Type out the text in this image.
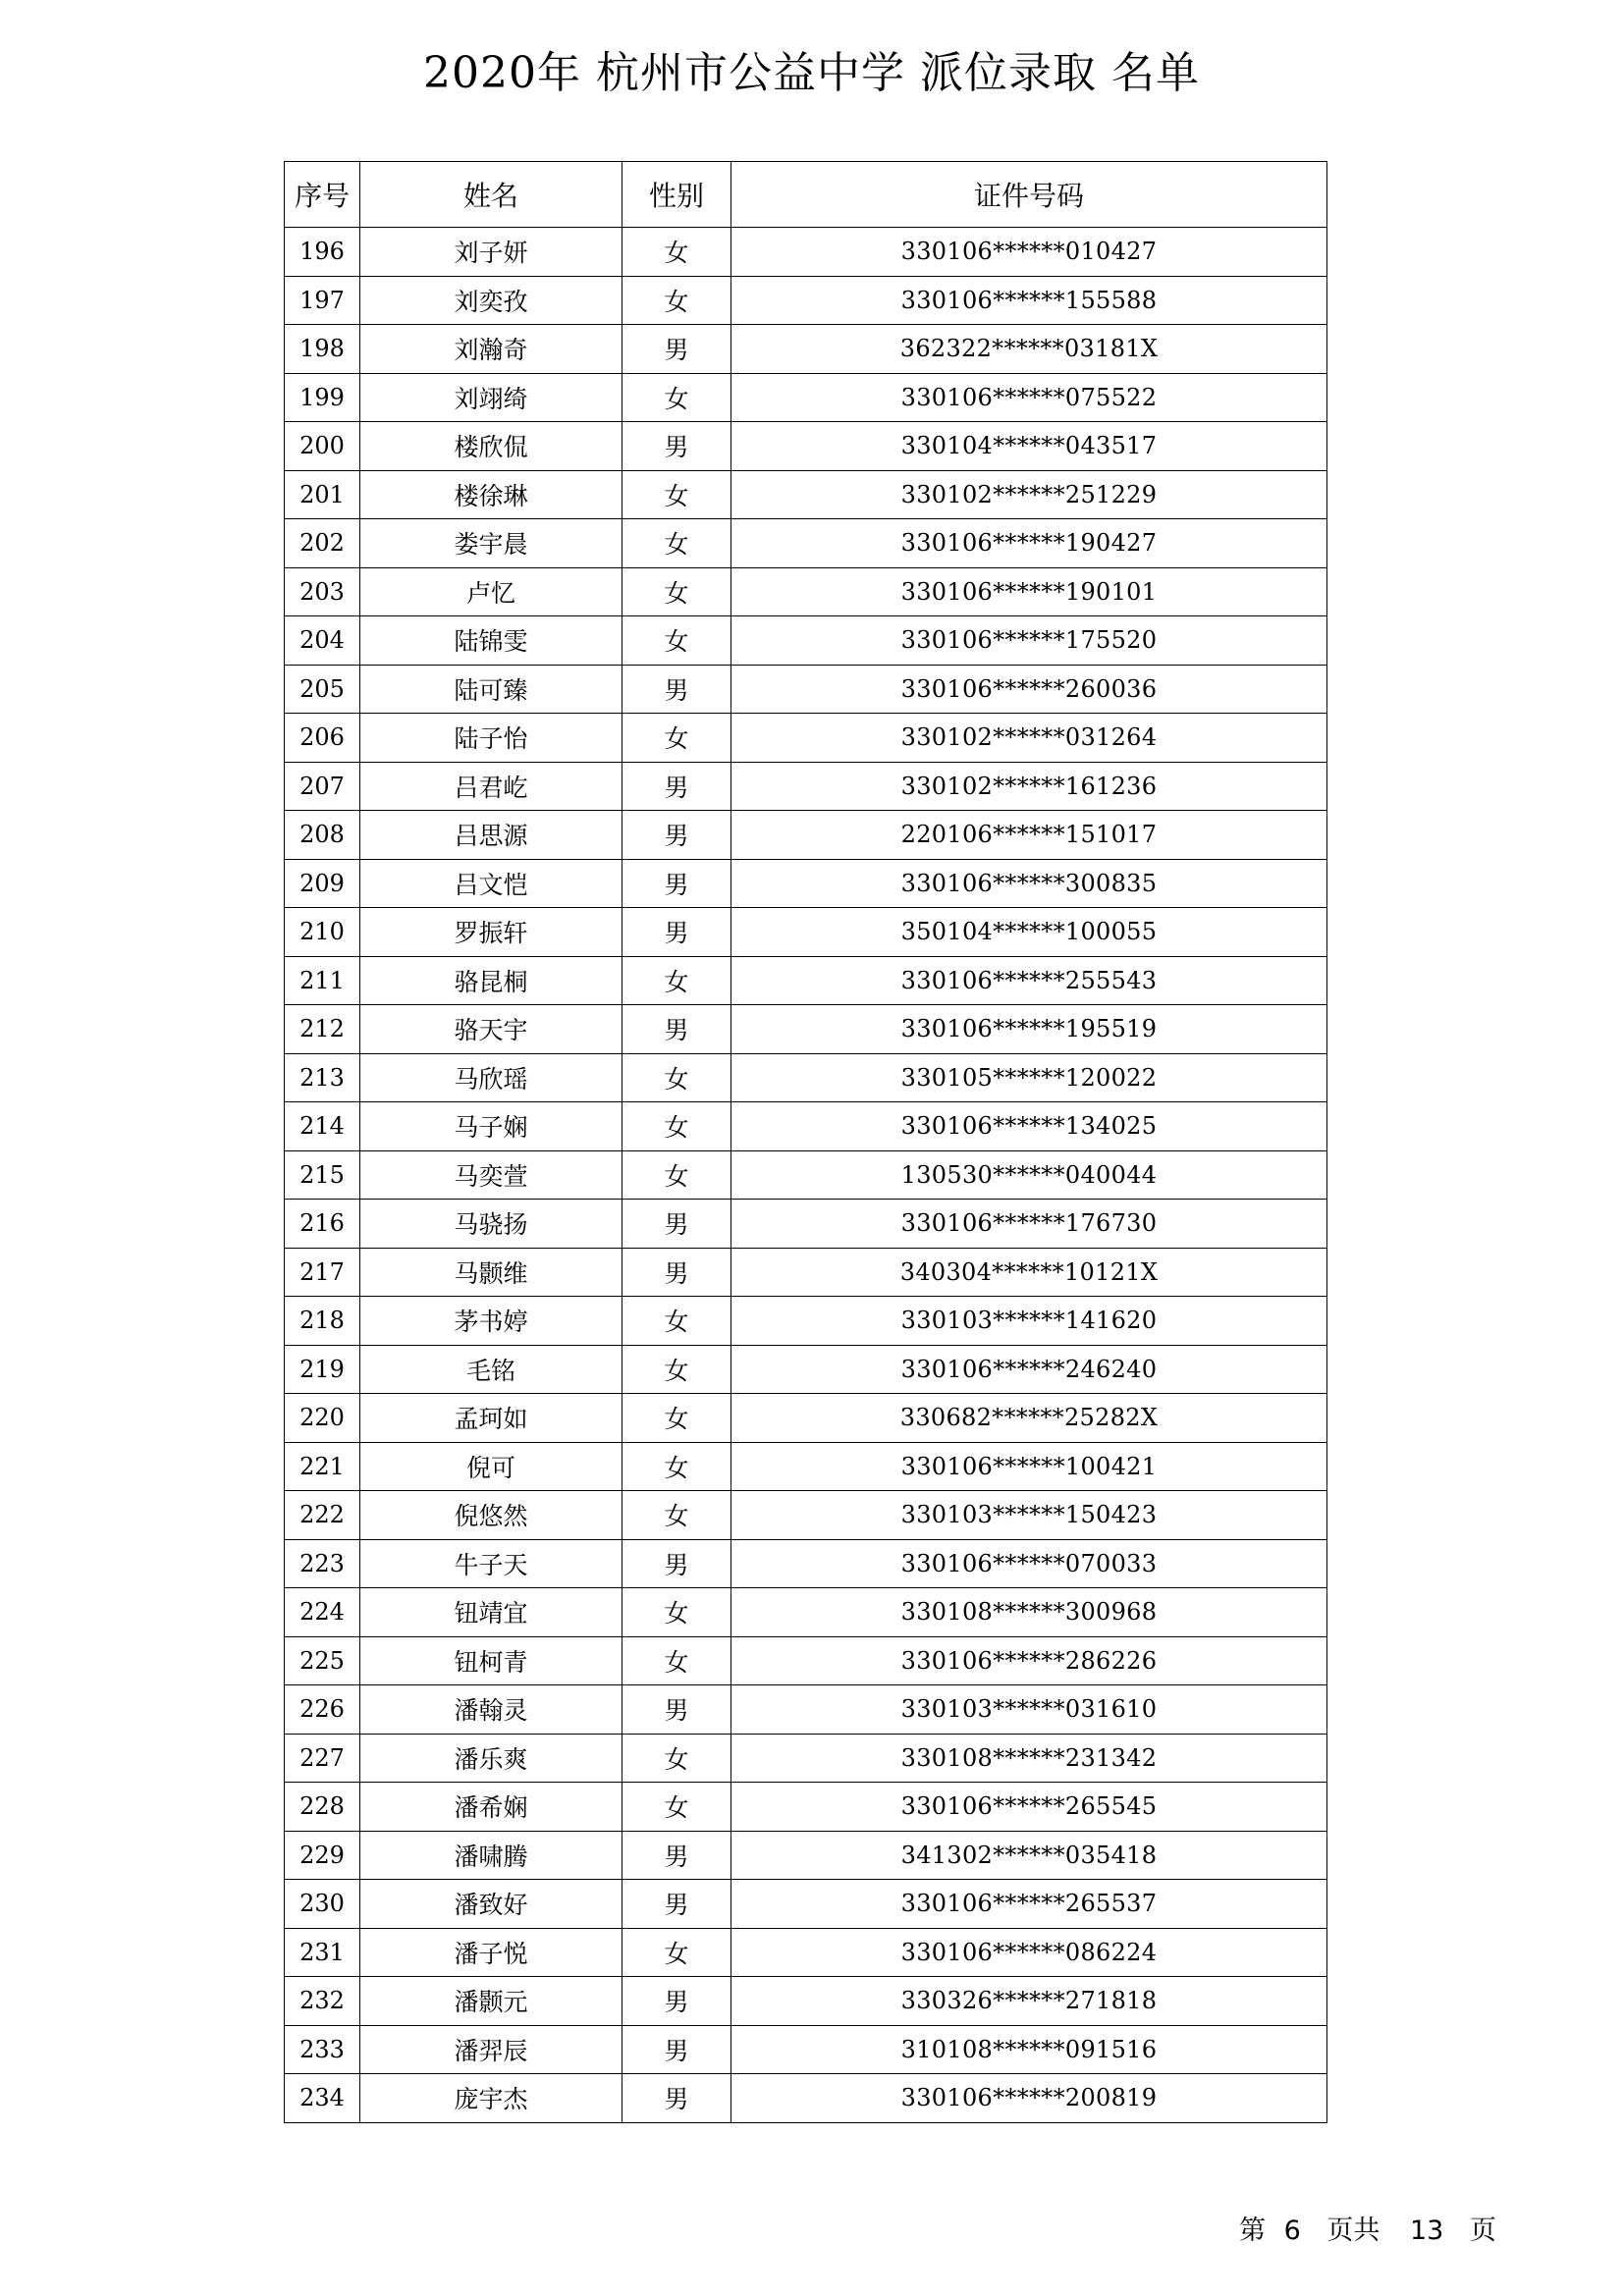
2020年 杭州市公益中学 派位录取 名单
序号	姓名	性别	证件号码
196	刘子妍	女	330106******010427
197	刘奕孜	女	330106******155588
198	刘瀚奇	男	362322******03181X
199	刘翊绮	女	330106******075522
200	楼欣侃	男	330104******043517
201	楼徐琳	女	330102******251229
202	娄宇晨	女	330106******190427
203	卢忆	女	330106******190101
204	陆锦雯	女	330106******175520
205	陆可臻	男	330106******260036
206	陆子怡	女	330102******031264
207	吕君屹	男	330102******161236
208	吕思源	男	220106******151017
209	吕文恺	男	330106******300835
210	罗振轩	男	350104******100055
211	骆昆桐	女	330106******255543
212	骆天宇	男	330106******195519
213	马欣瑶	女	330105******120022
214	马子娴	女	330106******134025
215	马奕萱	女	130530******040044
216	马骁扬	男	330106******176730
217	马颢维	男	340304******10121X
218	茅书婷	女	330103******141620
219	毛铭	女	330106******246240
220	孟珂如	女	330682******25282X
221	倪可	女	330106******100421
222	倪悠然	女	330103******150423
223	牛子天	男	330106******070033
224	钮靖宜	女	330108******300968
225	钮柯青	女	330106******286226
226	潘翰灵	男	330103******031610
227	潘乐爽	女	330108******231342
228	潘希娴	女	330106******265545
229	潘啸腾	男	341302******035418
230	潘致好	男	330106******265537
231	潘子悦	女	330106******086224
232	潘颢元	男	330326******271818
233	潘羿辰	男	310108******091516
234	庞宇杰	男	330106******200819
第 6 页共 13 页
